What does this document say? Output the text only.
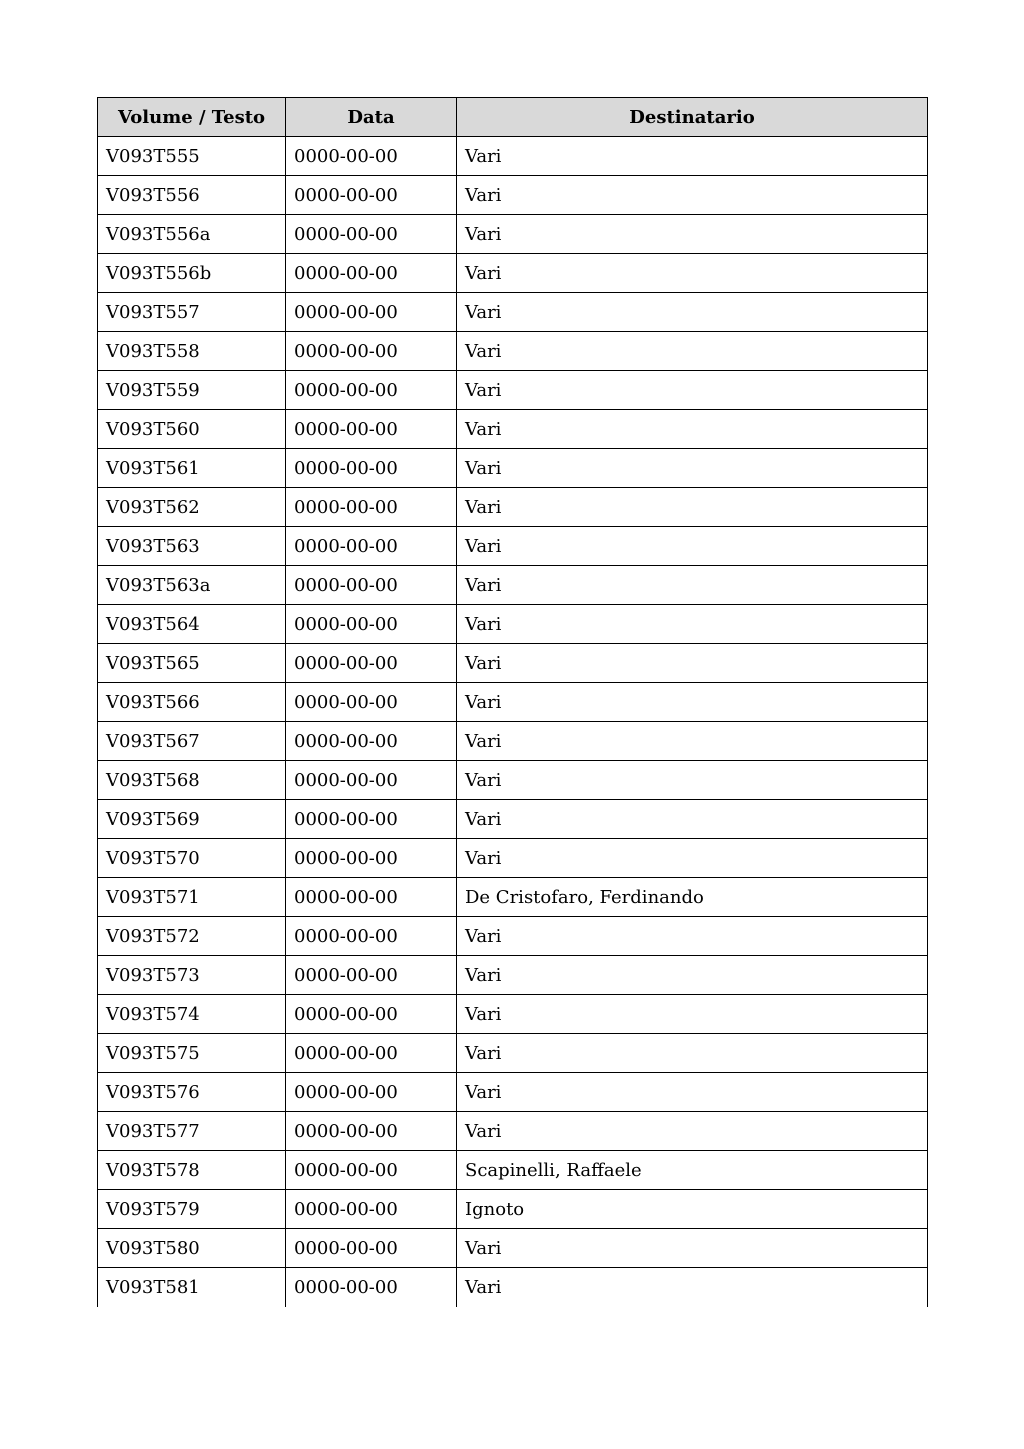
Volume / Testo	Data	Destinatario
V093T555	0000-00-00	Vari
V093T556	0000-00-00	Vari
V093T556a	0000-00-00	Vari
V093T556b	0000-00-00	Vari
V093T557	0000-00-00	Vari
V093T558	0000-00-00	Vari
V093T559	0000-00-00	Vari
V093T560	0000-00-00	Vari
V093T561	0000-00-00	Vari
V093T562	0000-00-00	Vari
V093T563	0000-00-00	Vari
V093T563a	0000-00-00	Vari
V093T564	0000-00-00	Vari
V093T565	0000-00-00	Vari
V093T566	0000-00-00	Vari
V093T567	0000-00-00	Vari
V093T568	0000-00-00	Vari
V093T569	0000-00-00	Vari
V093T570	0000-00-00	Vari
V093T571	0000-00-00	De Cristofaro, Ferdinando
V093T572	0000-00-00	Vari
V093T573	0000-00-00	Vari
V093T574	0000-00-00	Vari
V093T575	0000-00-00	Vari
V093T576	0000-00-00	Vari
V093T577	0000-00-00	Vari
V093T578	0000-00-00	Scapinelli, Raffaele
V093T579	0000-00-00	Ignoto
V093T580	0000-00-00	Vari
V093T581	0000-00-00	Vari
